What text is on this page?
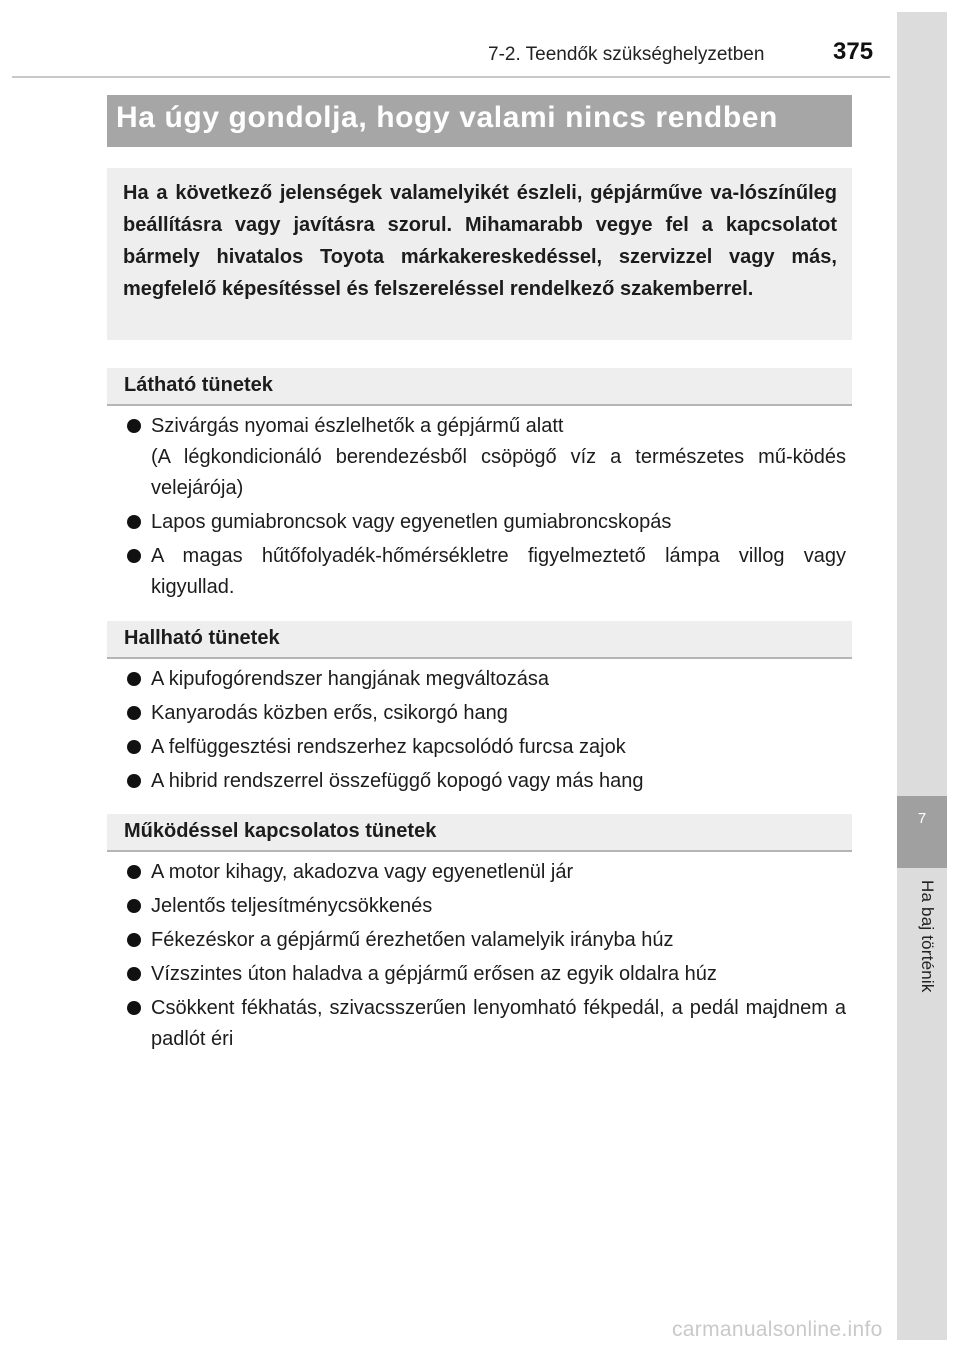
7-2. Teendők szükséghelyzetben	375
7
Ha baj történik
Ha úgy gondolja, hogy valami nincs rendben
Ha a következő jelenségek valamelyikét észleli, gépjárműve va-lószínűleg beállításra vagy javításra szorul. Mihamarabb vegye fel a kapcsolatot bármely hivatalos Toyota márkakereskedéssel, szervizzel vagy más, megfelelő képesítéssel és felszereléssel rendelkező szakemberrel.
Látható tünetek
Szivárgás nyomai észlelhetők a gépjármű alatt
(A légkondicionáló berendezésből csöpögő víz a természetes mű-ködés velejárója)
Lapos gumiabroncsok vagy egyenetlen gumiabroncskopás
A magas hűtőfolyadék-hőmérsékletre figyelmeztető lámpa villog vagy kigyullad.
Hallható tünetek
A kipufogórendszer hangjának megváltozása
Kanyarodás közben erős, csikorgó hang
A felfüggesztési rendszerhez kapcsolódó furcsa zajok
A hibrid rendszerrel összefüggő kopogó vagy más hang
Működéssel kapcsolatos tünetek
A motor kihagy, akadozva vagy egyenetlenül jár
Jelentős teljesítménycsökkenés
Fékezéskor a gépjármű érezhetően valamelyik irányba húz
Vízszintes úton haladva a gépjármű erősen az egyik oldalra húz
Csökkent fékhatás, szivacsszerűen lenyomható fékpedál, a pedál majdnem a padlót éri
carmanualsonline.info
